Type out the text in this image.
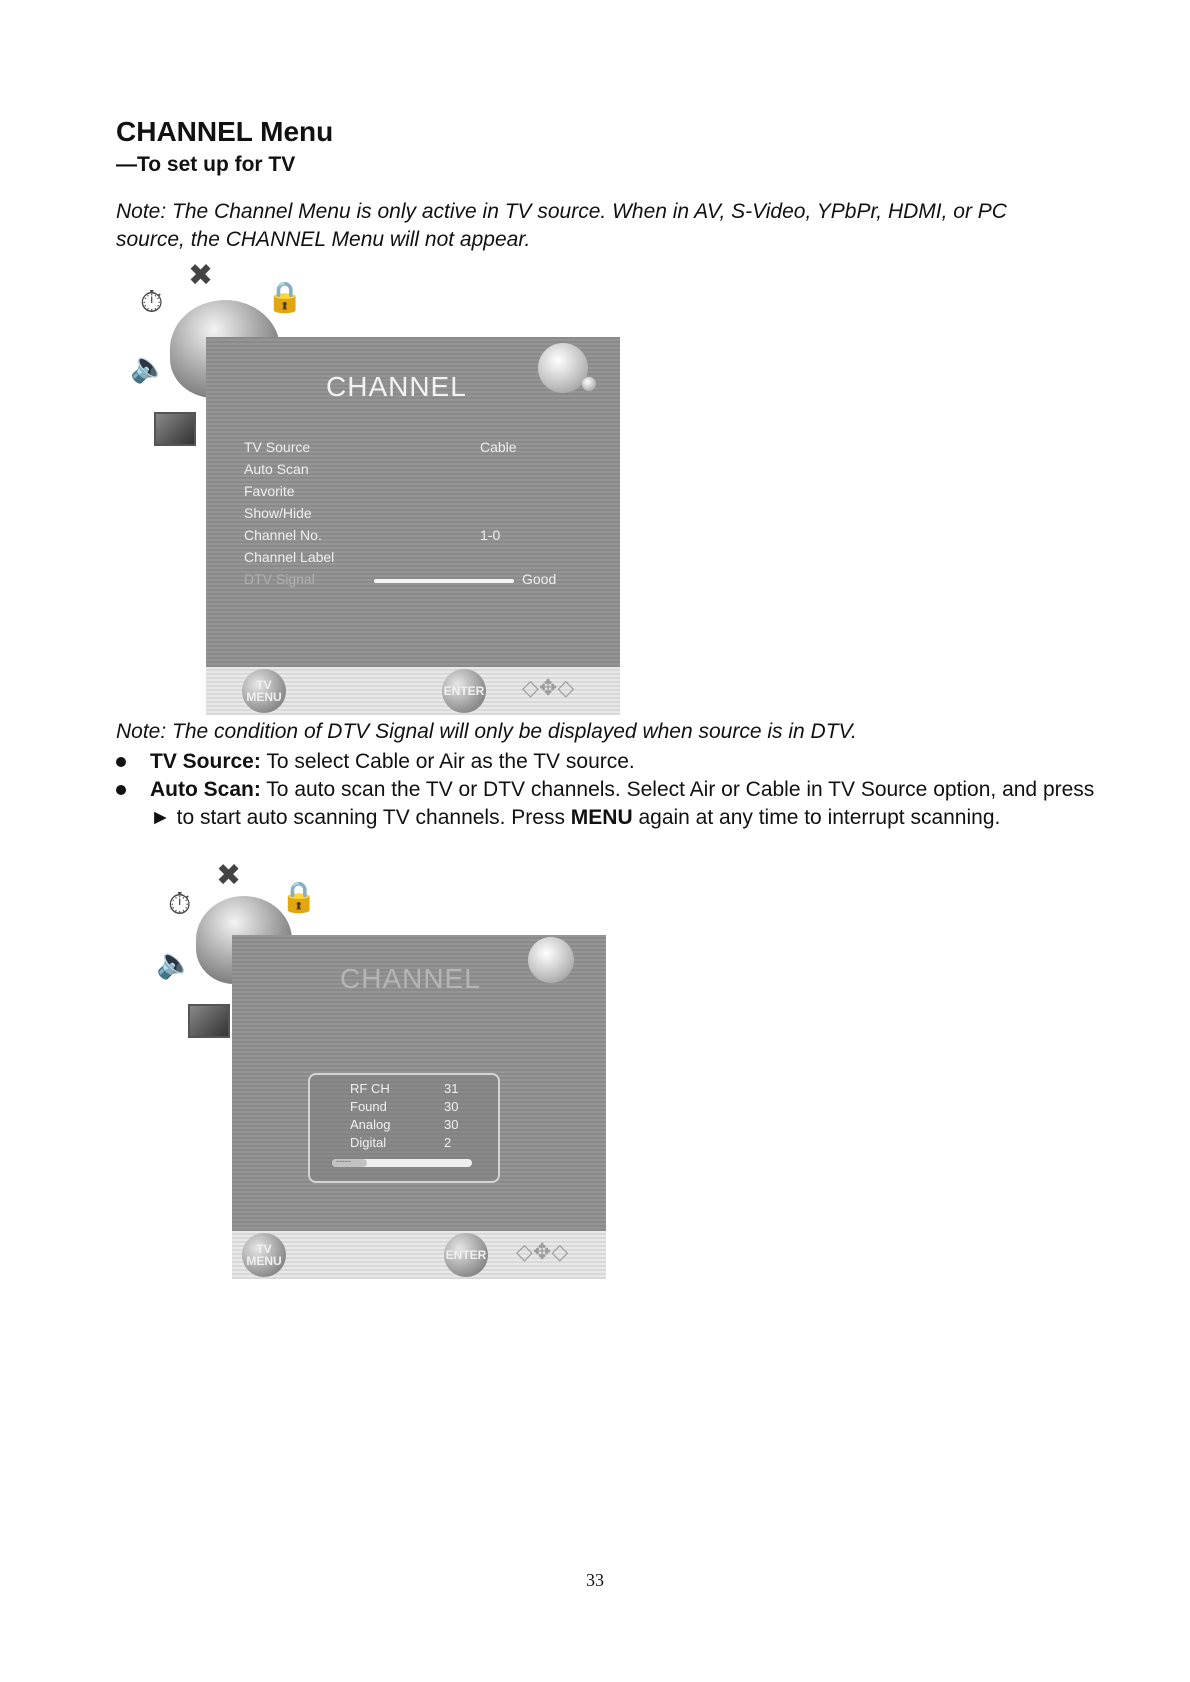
CHANNEL Menu
—To set up for TV
Note: The Channel Menu is only active in TV source. When in AV, S-Video, YPbPr, HDMI, or PC source, the CHANNEL Menu will not appear.
✖
⏱	🔒
🔈
CHANNEL
TV Source	Cable
Auto Scan
Favorite
Show/Hide
Channel No.	1-0
Channel Label
DTV Signal	Good
TV MENU	ENTER ◇✥◇
Note: The condition of DTV Signal will only be displayed when source is in DTV.
TV Source: To select Cable or Air as the TV source.
Auto Scan: To auto scan the TV or DTV channels. Select Air or Cable in TV Source option, and press ► to start auto scanning TV channels. Press MENU again at any time to interrupt scanning.
✖
⏱	🔒
🔈	CHANNEL
RF CH	31
Found	30
Analog	30
Digital	2
-----
TV MENU	ENTER ◇✥◇
33
